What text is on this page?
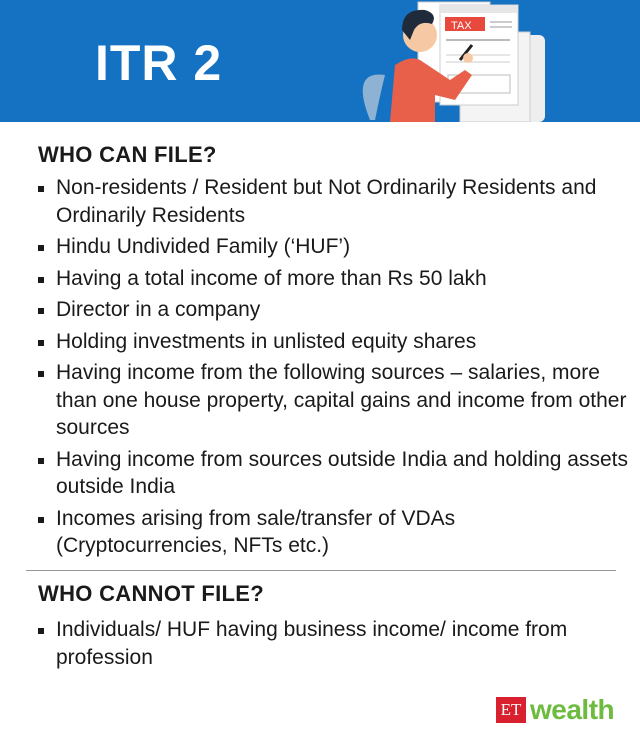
ITR 2
TAX
WHO CAN FILE?
Non-residents / Resident but Not Ordinarily Residents and Ordinarily Residents
Hindu Undivided Family (‘HUF’)
Having a total income of more than Rs 50 lakh
Director in a company
Holding investments in unlisted equity shares
Having income from the following sources – salaries, more than one house property, capital gains and income from other sources
Having income from sources outside India and holding assets outside India
Incomes arising from sale/transfer of VDAs (Cryptocurrencies, NFTs etc.)
WHO CANNOT FILE?
Individuals/ HUF having business income/ income from profession
ET wealth
